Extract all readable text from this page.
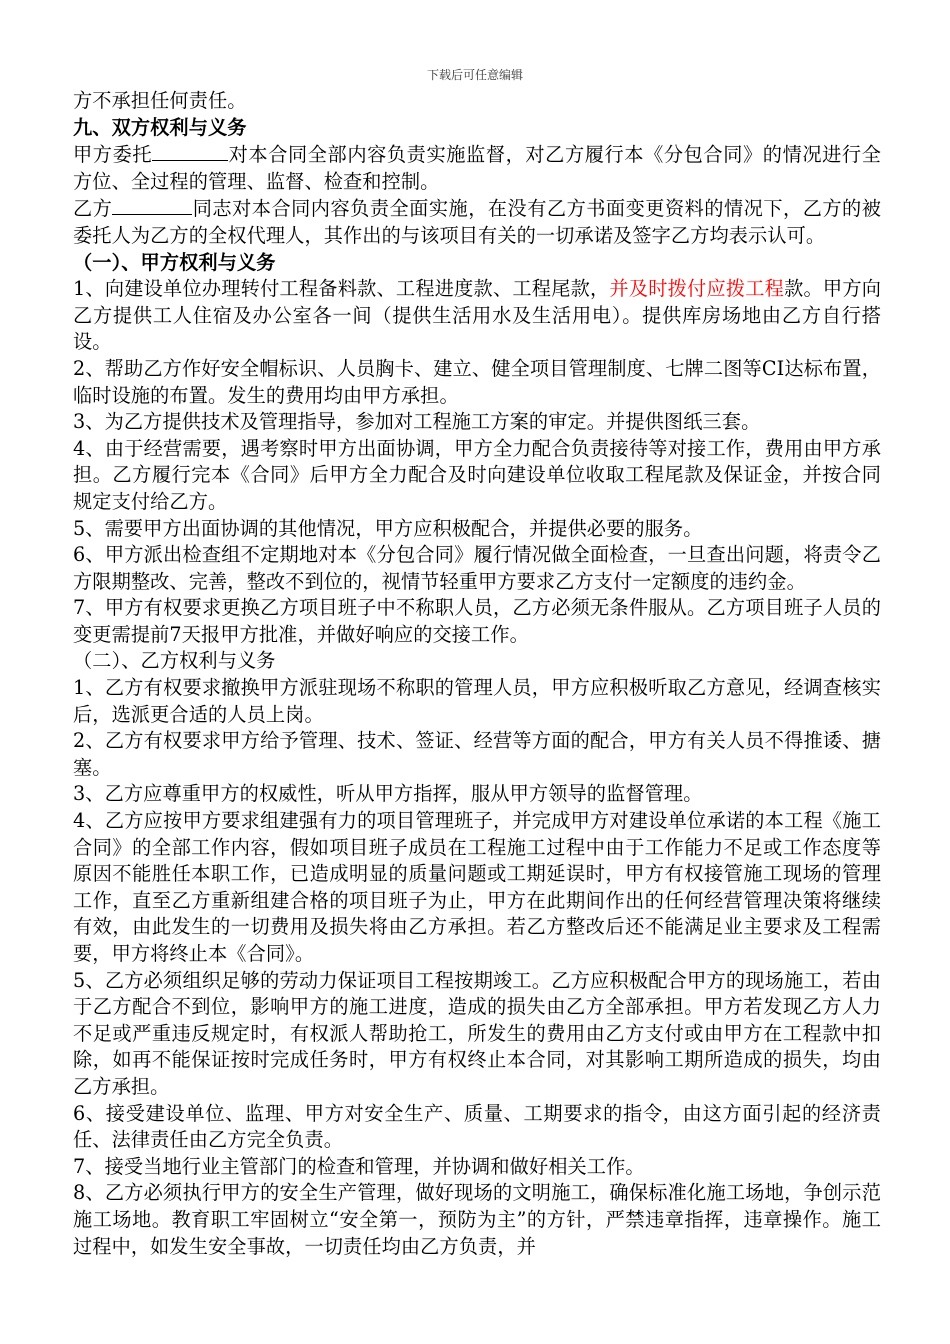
下载后可任意编辑

方不承担任何责任。

九、双方权利与义务

甲方委托	对本合同全部内容负责实施监督，对乙方履行本《分包合同》的情况进行全方位、全过程的管理、监督、检查和控制。

乙方	同志对本合同内容负责全面实施，在没有乙方书面变更资料的情况下，乙方的被委托人为乙方的全权代理人，其作出的与该项目有关的一切承诺及签字乙方均表示认可。

（一）、甲方权利与义务

1、向建设单位办理转付工程备料款、工程进度款、工程尾款，并及时拨付应拨工程款。甲方向乙方提供工人住宿及办公室各一间（提供生活用水及生活用电）。提供库房场地由乙方自行搭设。

2、帮助乙方作好安全帽标识、人员胸卡、建立、健全项目管理制度、七牌二图等CI达标布置，临时设施的布置。发生的费用均由甲方承担。

3、为乙方提供技术及管理指导，参加对工程施工方案的审定。并提供图纸三套。

4、由于经营需要，遇考察时甲方出面协调，甲方全力配合负责接待等对接工作，费用由甲方承担。乙方履行完本《合同》后甲方全力配合及时向建设单位收取工程尾款及保证金，并按合同规定支付给乙方。

5、需要甲方出面协调的其他情况，甲方应积极配合，并提供必要的服务。

6、甲方派出检查组不定期地对本《分包合同》履行情况做全面检查，一旦查出问题，将责令乙方限期整改、完善，整改不到位的，视情节轻重甲方要求乙方支付一定额度的违约金。

7、甲方有权要求更换乙方项目班子中不称职人员，乙方必须无条件服从。乙方项目班子人员的变更需提前7天报甲方批准，并做好响应的交接工作。

（二）、乙方权利与义务

1、乙方有权要求撤换甲方派驻现场不称职的管理人员，甲方应积极听取乙方意见，经调查核实后，选派更合适的人员上岗。

2、乙方有权要求甲方给予管理、技术、签证、经营等方面的配合，甲方有关人员不得推诿、搪塞。

3、乙方应尊重甲方的权威性，听从甲方指挥，服从甲方领导的监督管理。

4、乙方应按甲方要求组建强有力的项目管理班子，并完成甲方对建设单位承诺的本工程《施工合同》的全部工作内容，假如项目班子成员在工程施工过程中由于工作能力不足或工作态度等原因不能胜任本职工作，已造成明显的质量问题或工期延误时，甲方有权接管施工现场的管理工作，直至乙方重新组建合格的项目班子为止，甲方在此期间作出的任何经营管理决策将继续有效，由此发生的一切费用及损失将由乙方承担。若乙方整改后还不能满足业主要求及工程需要，甲方将终止本《合同》。

5、乙方必须组织足够的劳动力保证项目工程按期竣工。乙方应积极配合甲方的现场施工，若由于乙方配合不到位，影响甲方的施工进度，造成的损失由乙方全部承担。甲方若发现乙方人力不足或严重违反规定时，有权派人帮助抢工，所发生的费用由乙方支付或由甲方在工程款中扣除，如再不能保证按时完成任务时，甲方有权终止本合同，对其影响工期所造成的损失，均由乙方承担。

6、接受建设单位、监理、甲方对安全生产、质量、工期要求的指令，由这方面引起的经济责任、法律责任由乙方完全负责。

7、接受当地行业主管部门的检查和管理，并协调和做好相关工作。

8、乙方必须执行甲方的安全生产管理，做好现场的文明施工，确保标准化施工场地，争创示范施工场地。教育职工牢固树立“安全第一，预防为主”的方针，严禁违章指挥，违章操作。施工过程中，如发生安全事故，一切责任均由乙方负责，并
